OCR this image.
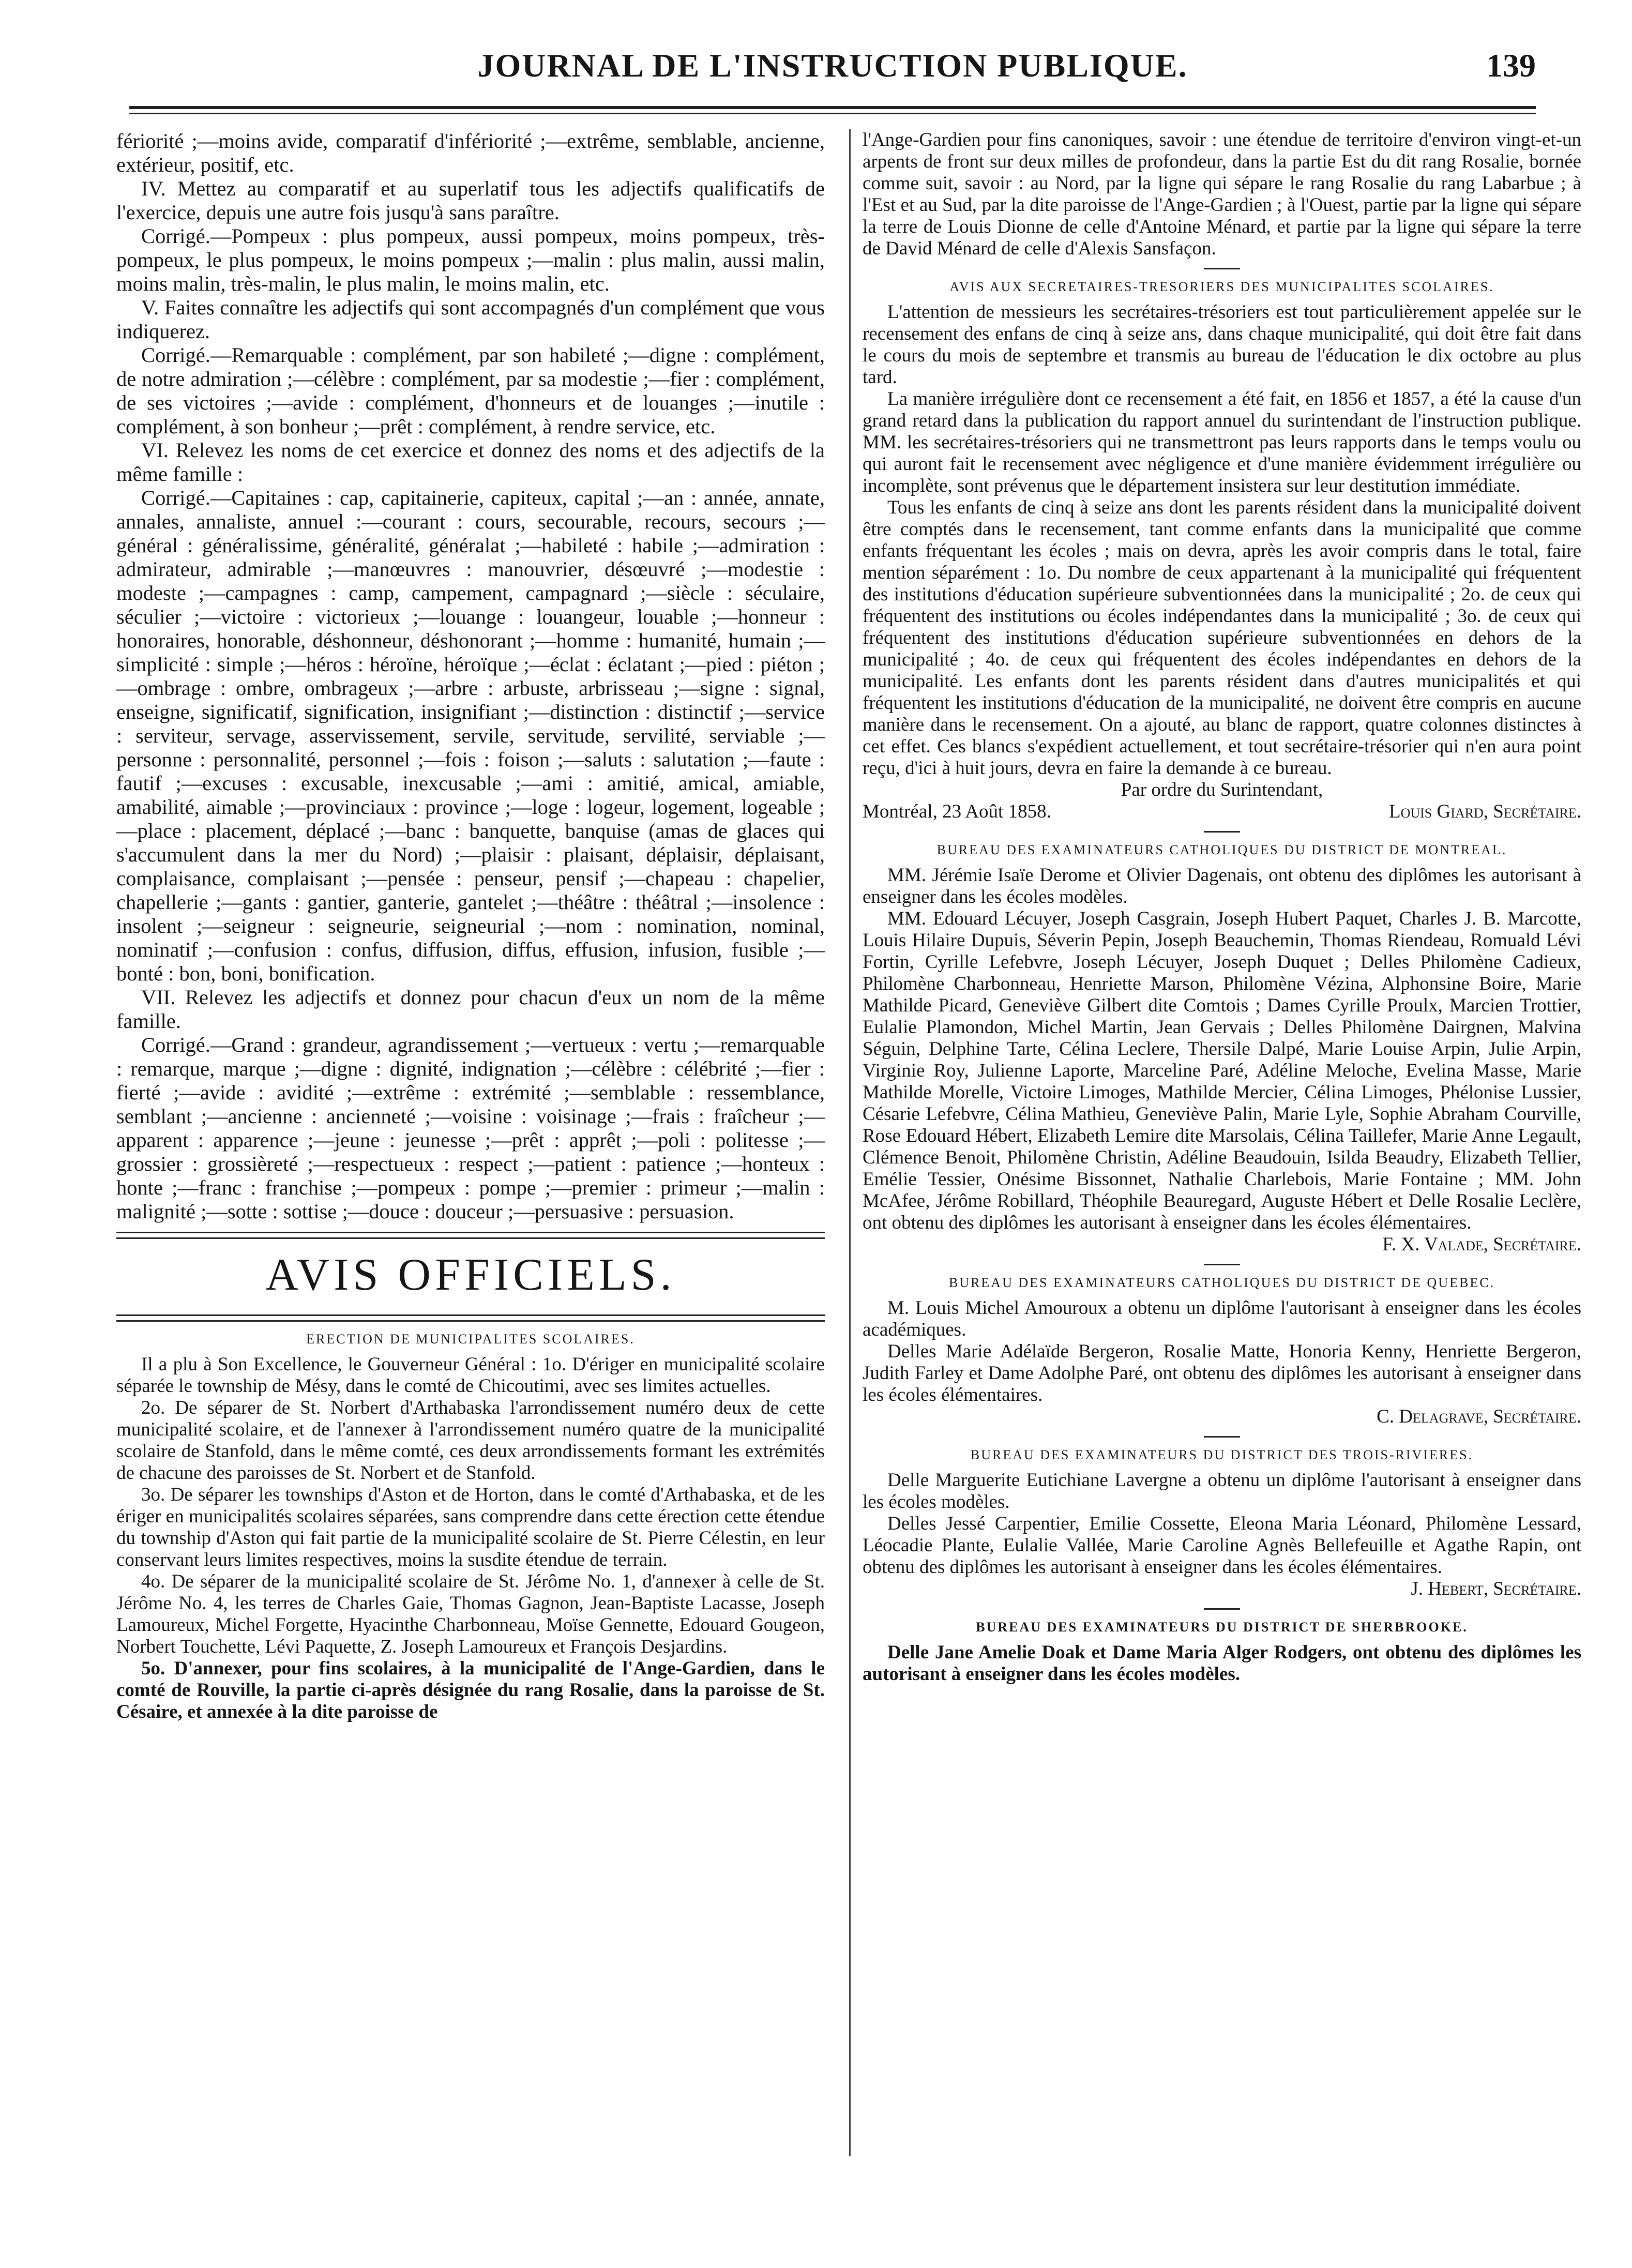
JOURNAL DE L'INSTRUCTION PUBLIQUE.	139

fériorité ;—moins avide, comparatif d'infériorité ;—extrême, semblable, ancienne, extérieur, positif, etc.

IV. Mettez au comparatif et au superlatif tous les adjectifs qualificatifs de l'exercice, depuis une autre fois jusqu'à sans paraître.

Corrigé.—Pompeux : plus pompeux, aussi pompeux, moins pompeux, très-pompeux, le plus pompeux, le moins pompeux ;—malin : plus malin, aussi malin, moins malin, très-malin, le plus malin, le moins malin, etc.

V. Faites connaître les adjectifs qui sont accompagnés d'un complément que vous indiquerez.

Corrigé.—Remarquable : complément, par son habileté ;—digne : complément, de notre admiration ;—célèbre : complément, par sa modestie ;—fier : complément, de ses victoires ;—avide : complément, d'honneurs et de louanges ;—inutile : complément, à son bonheur ;—prêt : complément, à rendre service, etc.

VI. Relevez les noms de cet exercice et donnez des noms et des adjectifs de la même famille :

Corrigé.—Capitaines : cap, capitainerie, capiteux, capital ;—an : année, annate, annales, annaliste, annuel :—courant : cours, secourable, recours, secours ;—général : généralissime, généralité, généralat ;—habileté : habile ;—admiration : admirateur, admirable ;—manœuvres : manouvrier, désœuvré ;—modestie : modeste ;—campagnes : camp, campement, campagnard ;—siècle : séculaire, séculier ;—victoire : victorieux ;—louange : louangeur, louable ;—honneur : honoraires, honorable, déshonneur, déshonorant ;—homme : humanité, humain ;—simplicité : simple ;—héros : héroïne, héroïque ;—éclat : éclatant ;—pied : piéton ;—ombrage : ombre, ombrageux ;—arbre : arbuste, arbrisseau ;—signe : signal, enseigne, significatif, signification, insignifiant ;—distinction : distinctif ;—service : serviteur, servage, asservissement, servile, servitude, servilité, serviable ;—personne : personnalité, personnel ;—fois : foison ;—saluts : salutation ;—faute : fautif ;—excuses : excusable, inexcusable ;—ami : amitié, amical, amiable, amabilité, aimable ;—provinciaux : province ;—loge : logeur, logement, logeable ;—place : placement, déplacé ;—banc : banquette, banquise (amas de glaces qui s'accumulent dans la mer du Nord) ;—plaisir : plaisant, déplaisir, déplaisant, complaisance, complaisant ;—pensée : penseur, pensif ;—chapeau : chapelier, chapellerie ;—gants : gantier, ganterie, gantelet ;—théâtre : théâtral ;—insolence : insolent ;—seigneur : seigneurie, seigneurial ;—nom : nomination, nominal, nominatif ;—confusion : confus, diffusion, diffus, effusion, infusion, fusible ;—bonté : bon, boni, bonification.

VII. Relevez les adjectifs et donnez pour chacun d'eux un nom de la même famille.

Corrigé.—Grand : grandeur, agrandissement ;—vertueux : vertu ;—remarquable : remarque, marque ;—digne : dignité, indignation ;—célèbre : célébrité ;—fier : fierté ;—avide : avidité ;—extrême : extrémité ;—semblable : ressemblance, semblant ;—ancienne : ancienneté ;—voisine : voisinage ;—frais : fraîcheur ;—apparent : apparence ;—jeune : jeunesse ;—prêt : apprêt ;—poli : politesse ;—grossier : grossièreté ;—respectueux : respect ;—patient : patience ;—honteux : honte ;—franc : franchise ;—pompeux : pompe ;—premier : primeur ;—malin : malignité ;—sotte : sottise ;—douce : douceur ;—persuasive : persuasion.

AVIS OFFICIELS.
ERECTION DE MUNICIPALITES SCOLAIRES.

Il a plu à Son Excellence, le Gouverneur Général : 1o. D'ériger en municipalité scolaire séparée le township de Mésy, dans le comté de Chicoutimi, avec ses limites actuelles.

2o. De séparer de St. Norbert d'Arthabaska l'arrondissement numéro deux de cette municipalité scolaire, et de l'annexer à l'arrondissement numéro quatre de la municipalité scolaire de Stanfold, dans le même comté, ces deux arrondissements formant les extrémités de chacune des paroisses de St. Norbert et de Stanfold.

3o. De séparer les townships d'Aston et de Horton, dans le comté d'Arthabaska, et de les ériger en municipalités scolaires séparées, sans comprendre dans cette érection cette étendue du township d'Aston qui fait partie de la municipalité scolaire de St. Pierre Célestin, en leur conservant leurs limites respectives, moins la susdite étendue de terrain.

4o. De séparer de la municipalité scolaire de St. Jérôme No. 1, d'annexer à celle de St. Jérôme No. 4, les terres de Charles Gaie, Thomas Gagnon, Jean-Baptiste Lacasse, Joseph Lamoureux, Michel Forgette, Hyacinthe Charbonneau, Moïse Gennette, Edouard Gougeon, Norbert Touchette, Lévi Paquette, Z. Joseph Lamoureux et François Desjardins.

5o. D'annexer, pour fins scolaires, à la municipalité de l'Ange-Gardien, dans le comté de Rouville, la partie ci-après désignée du rang Rosalie, dans la paroisse de St. Césaire, et annexée à la dite paroisse de

l'Ange-Gardien pour fins canoniques, savoir : une étendue de territoire d'environ vingt-et-un arpents de front sur deux milles de profondeur, dans la partie Est du dit rang Rosalie, bornée comme suit, savoir : au Nord, par la ligne qui sépare le rang Rosalie du rang Labarbue ; à l'Est et au Sud, par la dite paroisse de l'Ange-Gardien ; à l'Ouest, partie par la ligne qui sépare la terre de Louis Dionne de celle d'Antoine Ménard, et partie par la ligne qui sépare la terre de David Ménard de celle d'Alexis Sansfaçon.

AVIS AUX SECRETAIRES-TRESORIERS DES MUNICIPALITES SCOLAIRES.

L'attention de messieurs les secrétaires-trésoriers est tout particulièrement appelée sur le recensement des enfans de cinq à seize ans, dans chaque municipalité, qui doit être fait dans le cours du mois de septembre et transmis au bureau de l'éducation le dix octobre au plus tard.

La manière irrégulière dont ce recensement a été fait, en 1856 et 1857, a été la cause d'un grand retard dans la publication du rapport annuel du surintendant de l'instruction publique. MM. les secrétaires-trésoriers qui ne transmettront pas leurs rapports dans le temps voulu ou qui auront fait le recensement avec négligence et d'une manière évidemment irrégulière ou incomplète, sont prévenus que le département insistera sur leur destitution immédiate.

Tous les enfants de cinq à seize ans dont les parents résident dans la municipalité doivent être comptés dans le recensement, tant comme enfants dans la municipalité que comme enfants fréquentant les écoles ; mais on devra, après les avoir compris dans le total, faire mention séparément : 1o. Du nombre de ceux appartenant à la municipalité qui fréquentent des institutions d'éducation supérieure subventionnées dans la municipalité ; 2o. de ceux qui fréquentent des institutions ou écoles indépendantes dans la municipalité ; 3o. de ceux qui fréquentent des institutions d'éducation supérieure subventionnées en dehors de la municipalité ; 4o. de ceux qui fréquentent des écoles indépendantes en dehors de la municipalité. Les enfants dont les parents résident dans d'autres municipalités et qui fréquentent les institutions d'éducation de la municipalité, ne doivent être compris en aucune manière dans le recensement. On a ajouté, au blanc de rapport, quatre colonnes distinctes à cet effet. Ces blancs s'expédient actuellement, et tout secrétaire-trésorier qui n'en aura point reçu, d'ici à huit jours, devra en faire la demande à ce bureau.

Par ordre du Surintendant,

Montréal, 23 Août 1858.	Louis Giard, Secrétaire.
BUREAU DES EXAMINATEURS CATHOLIQUES DU DISTRICT DE MONTREAL.

MM. Jérémie Isaïe Derome et Olivier Dagenais, ont obtenu des diplômes les autorisant à enseigner dans les écoles modèles.

MM. Edouard Lécuyer, Joseph Casgrain, Joseph Hubert Paquet, Charles J. B. Marcotte, Louis Hilaire Dupuis, Séverin Pepin, Joseph Beauchemin, Thomas Riendeau, Romuald Lévi Fortin, Cyrille Lefebvre, Joseph Lécuyer, Joseph Duquet ; Delles Philomène Cadieux, Philomène Charbonneau, Henriette Marson, Philomène Vézina, Alphonsine Boire, Marie Mathilde Picard, Geneviève Gilbert dite Comtois ; Dames Cyrille Proulx, Marcien Trottier, Eulalie Plamondon, Michel Martin, Jean Gervais ; Delles Philomène Dairgnen, Malvina Séguin, Delphine Tarte, Célina Leclere, Thersile Dalpé, Marie Louise Arpin, Julie Arpin, Virginie Roy, Julienne Laporte, Marceline Paré, Adéline Meloche, Evelina Masse, Marie Mathilde Morelle, Victoire Limoges, Mathilde Mercier, Célina Limoges, Phélonise Lussier, Césarie Lefebvre, Célina Mathieu, Geneviève Palin, Marie Lyle, Sophie Abraham Courville, Rose Edouard Hébert, Elizabeth Lemire dite Marsolais, Célina Taillefer, Marie Anne Legault, Clémence Benoit, Philomène Christin, Adéline Beaudouin, Isilda Beaudry, Elizabeth Tellier, Emélie Tessier, Onésime Bissonnet, Nathalie Charlebois, Marie Fontaine ; MM. John McAfee, Jérôme Robillard, Théophile Beauregard, Auguste Hébert et Delle Rosalie Leclère, ont obtenu des diplômes les autorisant à enseigner dans les écoles élémentaires.

F. X. Valade, Secrétaire.

BUREAU DES EXAMINATEURS CATHOLIQUES DU DISTRICT DE QUEBEC.

M. Louis Michel Amouroux a obtenu un diplôme l'autorisant à enseigner dans les écoles académiques.

Delles Marie Adélaïde Bergeron, Rosalie Matte, Honoria Kenny, Henriette Bergeron, Judith Farley et Dame Adolphe Paré, ont obtenu des diplômes les autorisant à enseigner dans les écoles élémentaires.

C. Delagrave, Secrétaire.

BUREAU DES EXAMINATEURS DU DISTRICT DES TROIS-RIVIERES.

Delle Marguerite Eutichiane Lavergne a obtenu un diplôme l'autorisant à enseigner dans les écoles modèles.

Delles Jessé Carpentier, Emilie Cossette, Eleona Maria Léonard, Philomène Lessard, Léocadie Plante, Eulalie Vallée, Marie Caroline Agnès Bellefeuille et Agathe Rapin, ont obtenu des diplômes les autorisant à enseigner dans les écoles élémentaires.

J. Hebert, Secrétaire.

BUREAU DES EXAMINATEURS DU DISTRICT DE SHERBROOKE.

Delle Jane Amelie Doak et Dame Maria Alger Rodgers, ont obtenu des diplômes les autorisant à enseigner dans les écoles modèles.
